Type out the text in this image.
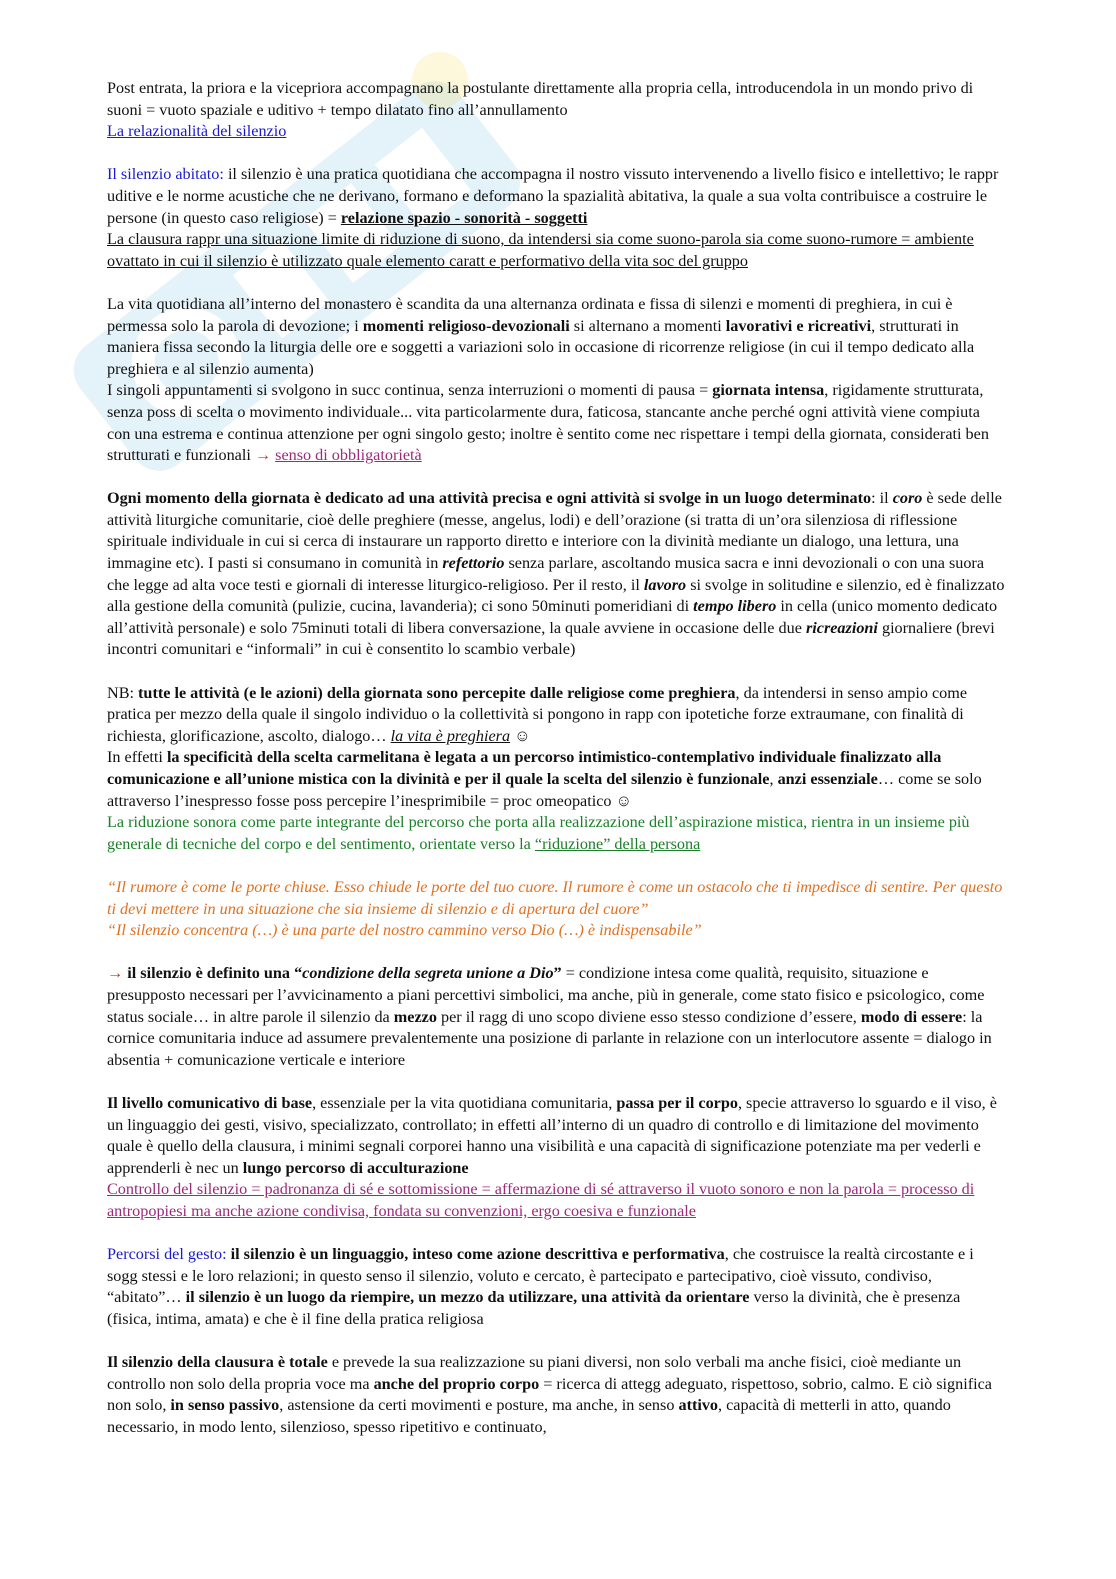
Post entrata, la priora e la vicepriora accompagnano la postulante direttamente alla propria cella, introducendola in un mondo privo di suoni = vuoto spaziale e uditivo + tempo dilatato fino all’annullamento

La relazionalità del silenzio

Il silenzio abitato: il silenzio è una pratica quotidiana che accompagna il nostro vissuto intervenendo a livello fisico e intellettivo; le rappr uditive e le norme acustiche che ne derivano, formano e deformano la spazialità abitativa, la quale a sua volta contribuisce a costruire le persone (in questo caso religiose) = relazione spazio - sonorità - soggetti

La clausura rappr una situazione limite di riduzione di suono, da intendersi sia come suono-parola sia come suono-rumore = ambiente ovattato in cui il silenzio è utilizzato quale elemento caratt e performativo della vita soc del gruppo

La vita quotidiana all’interno del monastero è scandita da una alternanza ordinata e fissa di silenzi e momenti di preghiera, in cui è permessa solo la parola di devozione; i momenti religioso-devozionali si alternano a momenti lavorativi e ricreativi, strutturati in maniera fissa secondo la liturgia delle ore e soggetti a variazioni solo in occasione di ricorrenze religiose (in cui il tempo dedicato alla preghiera e al silenzio aumenta)

I singoli appuntamenti si svolgono in succ continua, senza interruzioni o momenti di pausa = giornata intensa, rigidamente strutturata, senza poss di scelta o movimento individuale... vita particolarmente dura, faticosa, stancante anche perché ogni attività viene compiuta con una estrema e continua attenzione per ogni singolo gesto; inoltre è sentito come nec rispettare i tempi della giornata, considerati ben strutturati e funzionali → senso di obbligatorietà

Ogni momento della giornata è dedicato ad una attività precisa e ogni attività si svolge in un luogo determinato: il coro è sede delle attività liturgiche comunitarie, cioè delle preghiere (messe, angelus, lodi) e dell’orazione (si tratta di un’ora silenziosa di riflessione spirituale individuale in cui si cerca di instaurare un rapporto diretto e interiore con la divinità mediante un dialogo, una lettura, una immagine etc). I pasti si consumano in comunità in refettorio senza parlare, ascoltando musica sacra e inni devozionali o con una suora che legge ad alta voce testi e giornali di interesse liturgico-religioso. Per il resto, il lavoro si svolge in solitudine e silenzio, ed è finalizzato alla gestione della comunità (pulizie, cucina, lavanderia); ci sono 50minuti pomeridiani di tempo libero in cella (unico momento dedicato all’attività personale) e solo 75minuti totali di libera conversazione, la quale avviene in occasione delle due ricreazioni giornaliere (brevi incontri comunitari e “informali” in cui è consentito lo scambio verbale)

NB: tutte le attività (e le azioni) della giornata sono percepite dalle religiose come preghiera, da intendersi in senso ampio come pratica per mezzo della quale il singolo individuo o la collettività si pongono in rapp con ipotetiche forze extraumane, con finalità di richiesta, glorificazione, ascolto, dialogo… la vita è preghiera ☺

In effetti la specificità della scelta carmelitana è legata a un percorso intimistico-contemplativo individuale finalizzato alla comunicazione e all’unione mistica con la divinità e per il quale la scelta del silenzio è funzionale, anzi essenziale… come se solo attraverso l’inespresso fosse poss percepire l’inesprimibile = proc omeopatico ☺

La riduzione sonora come parte integrante del percorso che porta alla realizzazione dell’aspirazione mistica, rientra in un insieme più generale di tecniche del corpo e del sentimento, orientate verso la “riduzione” della persona

“Il rumore è come le porte chiuse. Esso chiude le porte del tuo cuore. Il rumore è come un ostacolo che ti impedisce di sentire. Per questo ti devi mettere in una situazione che sia insieme di silenzio e di apertura del cuore”

“Il silenzio concentra (…) è una parte del nostro cammino verso Dio (…) è indispensabile”

→ il silenzio è definito una “condizione della segreta unione a Dio” = condizione intesa come qualità, requisito, situazione e presupposto necessari per l’avvicinamento a piani percettivi simbolici, ma anche, più in generale, come stato fisico e psicologico, come status sociale… in altre parole il silenzio da mezzo per il ragg di uno scopo diviene esso stesso condizione d’essere, modo di essere: la cornice comunitaria induce ad assumere prevalentemente una posizione di parlante in relazione con un interlocutore assente = dialogo in absentia + comunicazione verticale e interiore

Il livello comunicativo di base, essenziale per la vita quotidiana comunitaria, passa per il corpo, specie attraverso lo sguardo e il viso, è un linguaggio dei gesti, visivo, specializzato, controllato; in effetti all’interno di un quadro di controllo e di limitazione del movimento quale è quello della clausura, i minimi segnali corporei hanno una visibilità e una capacità di significazione potenziate ma per vederli e apprenderli è nec un lungo percorso di acculturazione

Controllo del silenzio = padronanza di sé e sottomissione = affermazione di sé attraverso il vuoto sonoro e non la parola = processo di antropopiesi ma anche azione condivisa, fondata su convenzioni, ergo coesiva e funzionale

Percorsi del gesto: il silenzio è un linguaggio, inteso come azione descrittiva e performativa, che costruisce la realtà circostante e i sogg stessi e le loro relazioni; in questo senso il silenzio, voluto e cercato, è partecipato e partecipativo, cioè vissuto, condiviso, “abitato”… il silenzio è un luogo da riempire, un mezzo da utilizzare, una attività da orientare verso la divinità, che è presenza (fisica, intima, amata) e che è il fine della pratica religiosa

Il silenzio della clausura è totale e prevede la sua realizzazione su piani diversi, non solo verbali ma anche fisici, cioè mediante un controllo non solo della propria voce ma anche del proprio corpo = ricerca di attegg adeguato, rispettoso, sobrio, calmo. E ciò significa non solo, in senso passivo, astensione da certi movimenti e posture, ma anche, in senso attivo, capacità di metterli in atto, quando necessario, in modo lento, silenzioso, spesso ripetitivo e continuato,
